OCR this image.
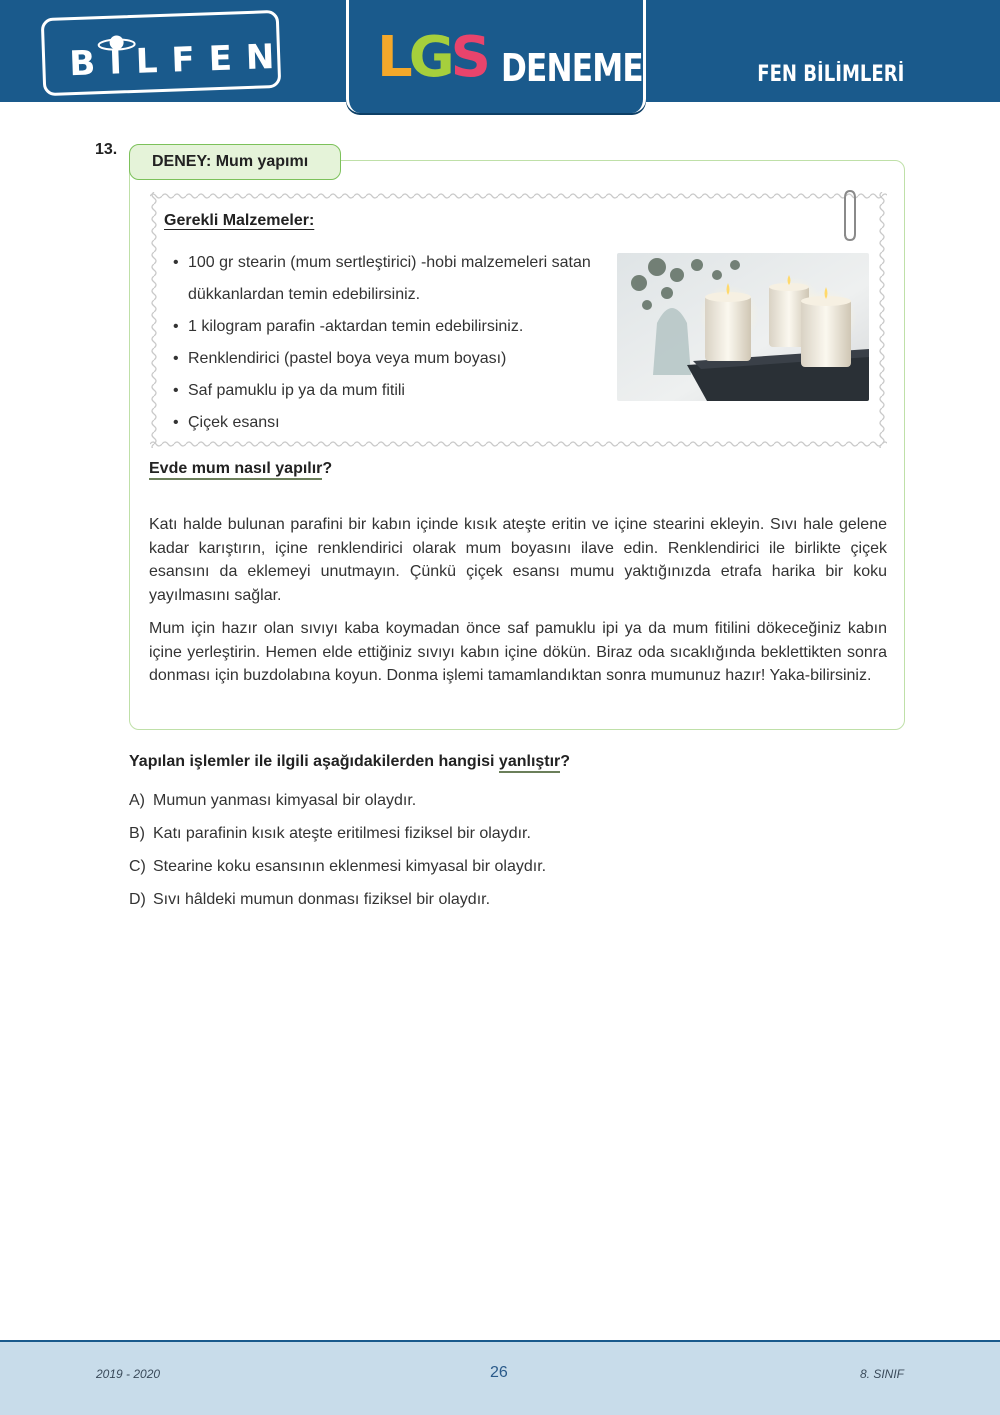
BİLFEN LGS DENEME	FEN BİLİMLERİ
13.
DENEY: Mum yapımı
Gerekli Malzemeler:
• 100 gr stearin (mum sertleştirici) -hobi malzemeleri satan dükkanlardan temin edebilirsiniz.
• 1 kilogram parafin -aktardan temin edebilirsiniz.
• Renklendirici (pastel boya veya mum boyası)
• Saf pamuklu ip ya da mum fitili
• Çiçek esansı
Evde mum nasıl yapılır?
Katı halde bulunan parafini bir kabın içinde kısık ateşte eritin ve içine stearini ekleyin. Sıvı hale gelene kadar karıştırın, içine renklendirici olarak mum boyasını ilave edin. Renklendirici ile birlikte çiçek esansını da eklemeyi unutmayın. Çünkü çiçek esansı mumu yaktığınızda etrafa harika bir koku yayılmasını sağlar.
Mum için hazır olan sıvıyı kaba koymadan önce saf pamuklu ipi ya da mum fitilini dökeceğiniz kabın içine yerleştirin. Hemen elde ettiğiniz sıvıyı kabın içine dökün. Biraz oda sıcaklığında beklettikten sonra donması için buzdolabına koyun. Donma işlemi tamamlandıktan sonra mumunuz hazır! Yaka-bilirsiniz.
Yapılan işlemler ile ilgili aşağıdakilerden hangisi yanlıştır?
A) Mumun yanması kimyasal bir olaydır.
B) Katı parafinin kısık ateşte eritilmesi fiziksel bir olaydır.
C) Stearine koku esansının eklenmesi kimyasal bir olaydır.
D) Sıvı hâldeki mumun donması fiziksel bir olaydır.
2019 - 2020	26	8. SINIF
